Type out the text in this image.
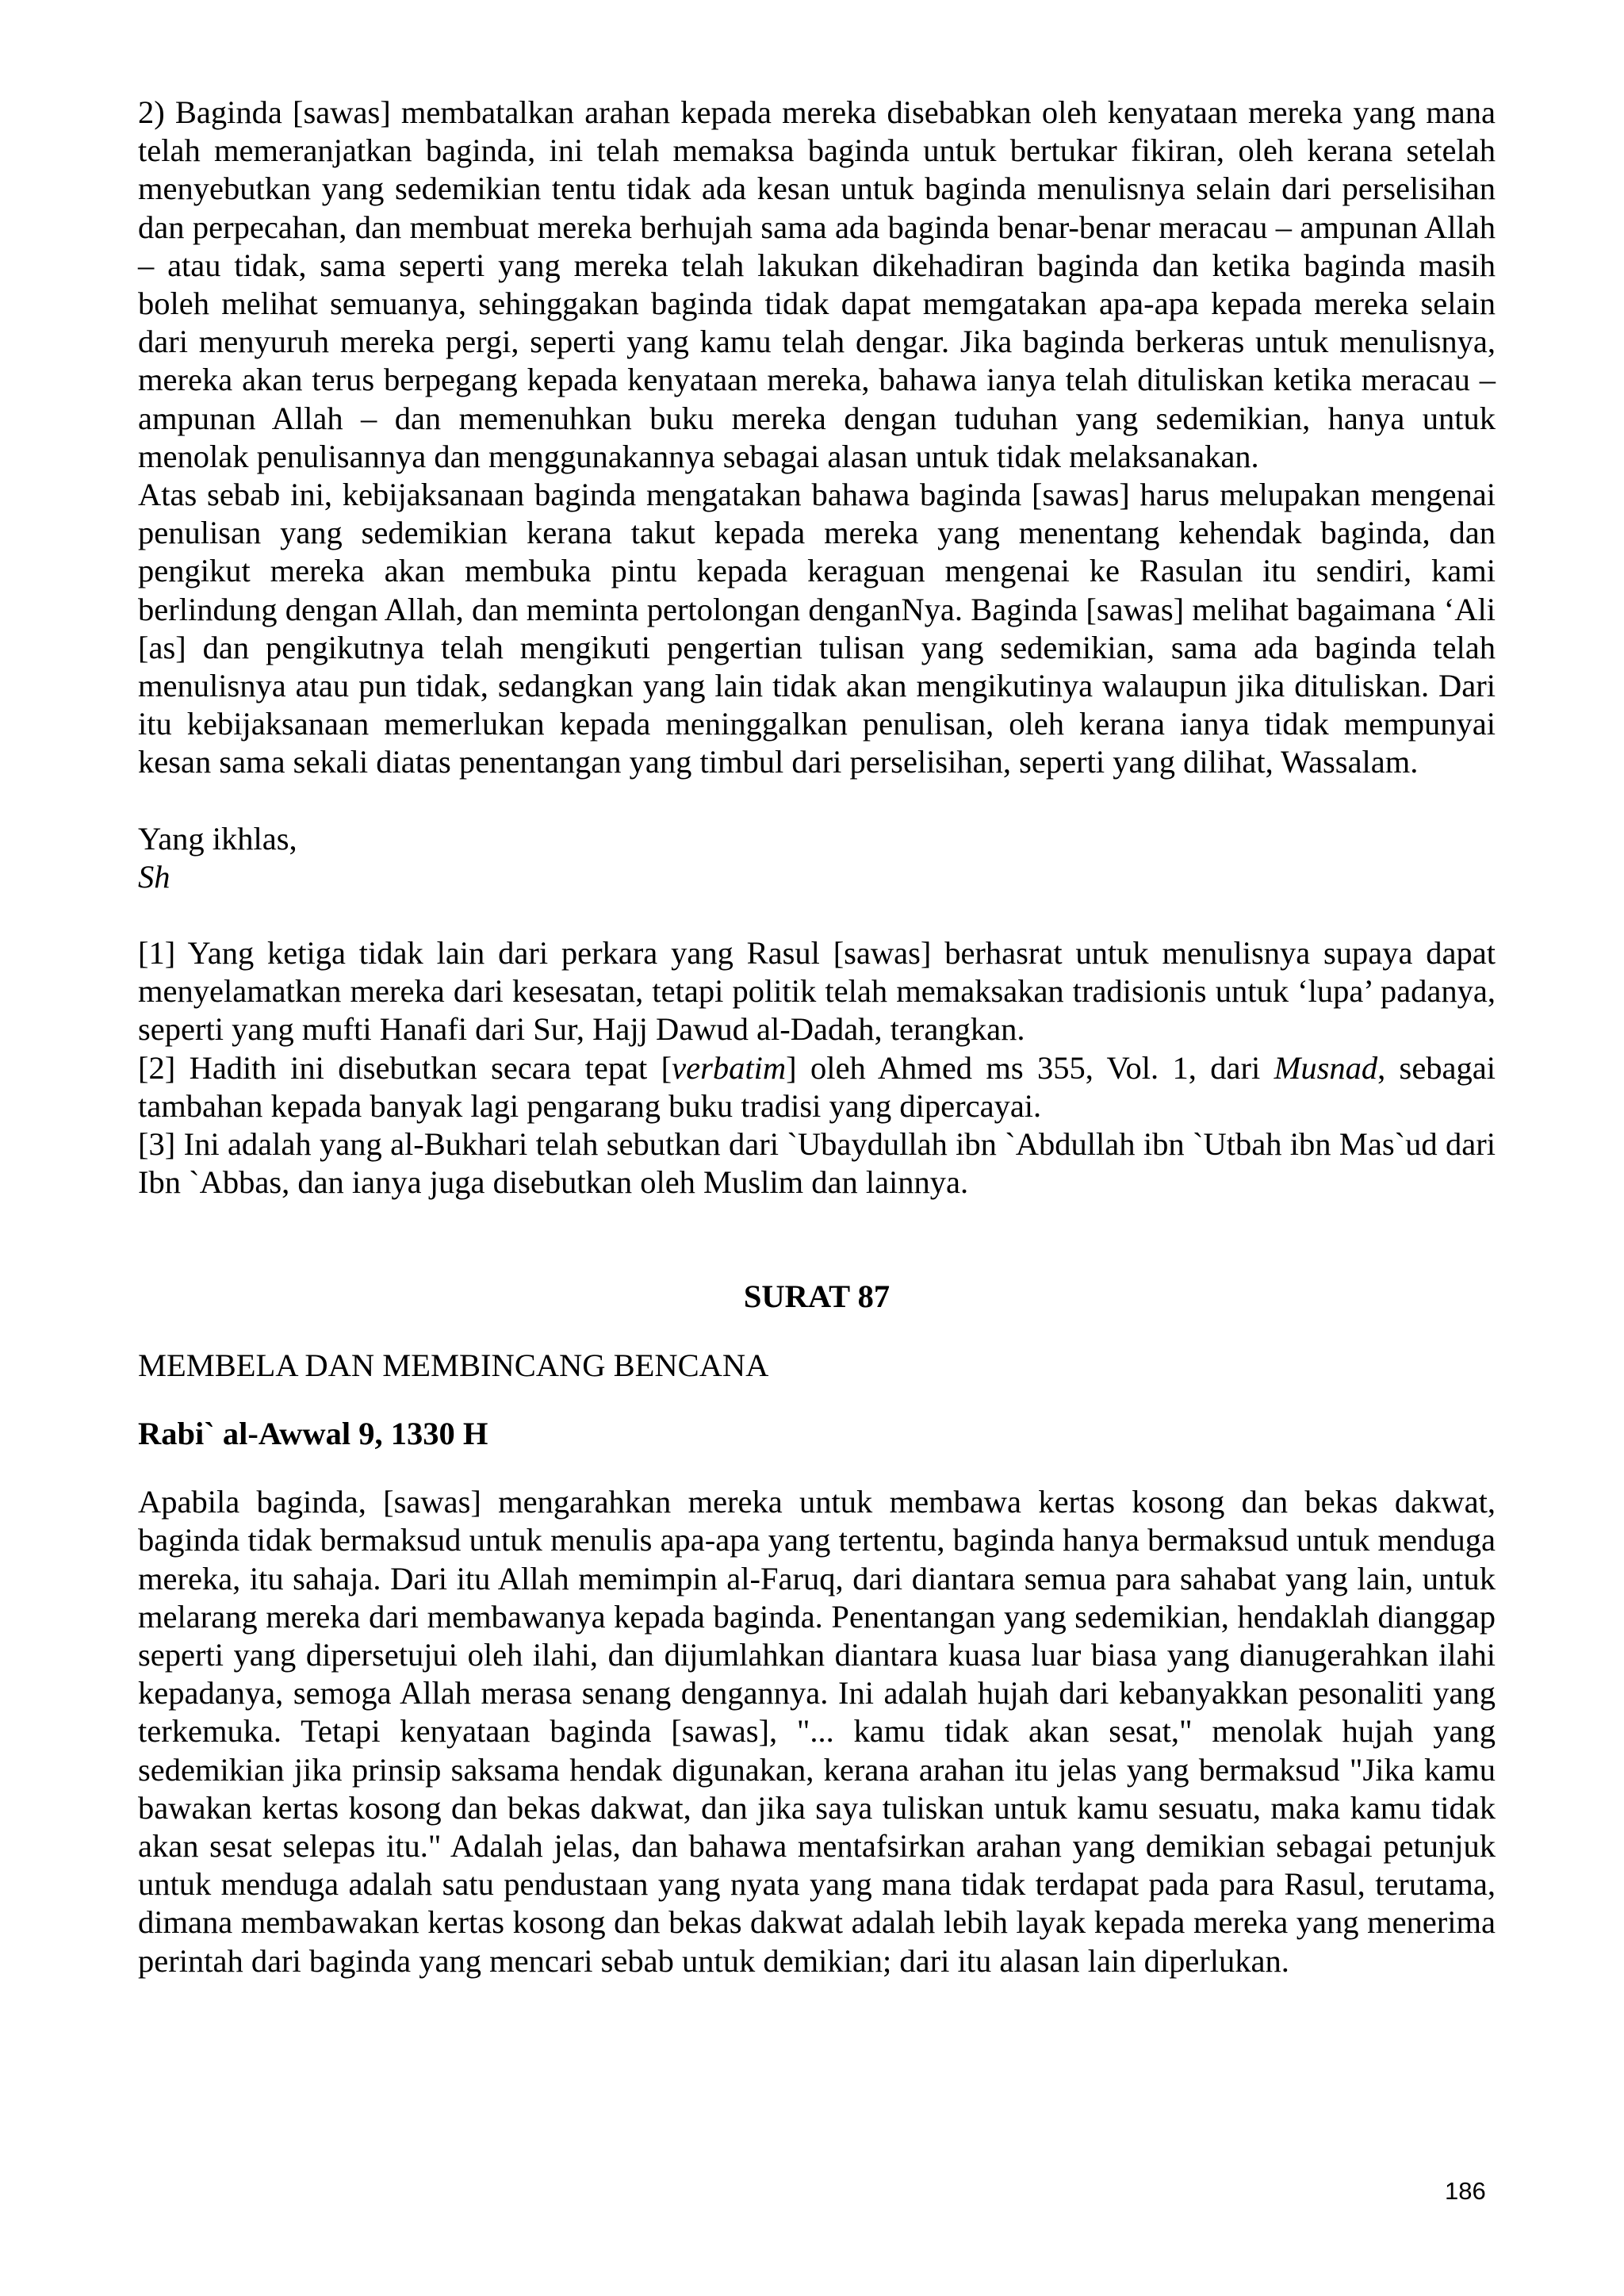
2) Baginda [sawas] membatalkan arahan kepada mereka disebabkan oleh kenyataan mereka yang mana telah memeranjatkan baginda, ini telah memaksa baginda untuk bertukar fikiran, oleh kerana setelah menyebutkan yang sedemikian tentu tidak ada kesan untuk baginda menulisnya selain dari perselisihan dan perpecahan, dan membuat mereka berhujah sama ada baginda benar-benar meracau – ampunan Allah – atau tidak, sama seperti yang mereka telah lakukan dikehadiran baginda dan ketika baginda masih boleh melihat semuanya, sehinggakan baginda tidak dapat memgatakan apa-apa kepada mereka selain dari menyuruh mereka pergi, seperti yang kamu telah dengar. Jika baginda berkeras untuk menulisnya, mereka akan terus berpegang kepada kenyataan mereka, bahawa ianya telah dituliskan ketika meracau – ampunan Allah – dan memenuhkan buku mereka dengan tuduhan yang sedemikian, hanya untuk menolak penulisannya dan menggunakannya sebagai alasan untuk tidak melaksanakan.

Atas sebab ini, kebijaksanaan baginda mengatakan bahawa baginda [sawas] harus melupakan mengenai penulisan yang sedemikian kerana takut kepada mereka yang menentang kehendak baginda, dan pengikut mereka akan membuka pintu kepada keraguan mengenai ke Rasulan itu sendiri, kami berlindung dengan Allah, dan meminta pertolongan denganNya. Baginda [sawas] melihat bagaimana ‘Ali [as] dan pengikutnya telah mengikuti pengertian tulisan yang sedemikian, sama ada baginda telah menulisnya atau pun tidak, sedangkan yang lain tidak akan mengikutinya walaupun jika dituliskan. Dari itu kebijaksanaan memerlukan kepada meninggalkan penulisan, oleh kerana ianya tidak mempunyai kesan sama sekali diatas penentangan yang timbul dari perselisihan, seperti yang dilihat, Wassalam.

Yang ikhlas,

Sh

[1] Yang ketiga tidak lain dari perkara yang Rasul [sawas] berhasrat untuk menulisnya supaya dapat menyelamatkan mereka dari kesesatan, tetapi politik telah memaksakan tradisionis untuk ‘lupa’ padanya, seperti yang mufti Hanafi dari Sur, Hajj Dawud al-Dadah, terangkan.

[2] Hadith ini disebutkan secara tepat [verbatim] oleh Ahmed ms 355, Vol. 1, dari Musnad, sebagai tambahan kepada banyak lagi pengarang buku tradisi yang dipercayai.

[3] Ini adalah yang al-Bukhari telah sebutkan dari `Ubaydullah ibn `Abdullah ibn `Utbah ibn Mas`ud dari Ibn `Abbas, dan ianya juga disebutkan oleh Muslim dan lainnya.

SURAT 87

MEMBELA DAN MEMBINCANG BENCANA

Rabi` al-Awwal 9, 1330 H

Apabila baginda, [sawas] mengarahkan mereka untuk membawa kertas kosong dan bekas dakwat, baginda tidak bermaksud untuk menulis apa-apa yang tertentu, baginda hanya bermaksud untuk menduga mereka, itu sahaja. Dari itu Allah memimpin al-Faruq, dari diantara semua para sahabat yang lain, untuk melarang mereka dari membawanya kepada baginda. Penentangan yang sedemikian, hendaklah dianggap seperti yang dipersetujui oleh ilahi, dan dijumlahkan diantara kuasa luar biasa yang dianugerahkan ilahi kepadanya, semoga Allah merasa senang dengannya. Ini adalah hujah dari kebanyakkan pesonaliti yang terkemuka. Tetapi kenyataan baginda [sawas], "... kamu tidak akan sesat," menolak hujah yang sedemikian jika prinsip saksama hendak digunakan, kerana arahan itu jelas yang bermaksud "Jika kamu bawakan kertas kosong dan bekas dakwat, dan jika saya tuliskan untuk kamu sesuatu, maka kamu tidak akan sesat selepas itu." Adalah jelas, dan bahawa mentafsirkan arahan yang demikian sebagai petunjuk untuk menduga adalah satu pendustaan yang nyata yang mana tidak terdapat pada para Rasul, terutama, dimana membawakan kertas kosong dan bekas dakwat adalah lebih layak kepada mereka yang menerima perintah dari baginda yang mencari sebab untuk demikian; dari itu alasan lain diperlukan.

186
